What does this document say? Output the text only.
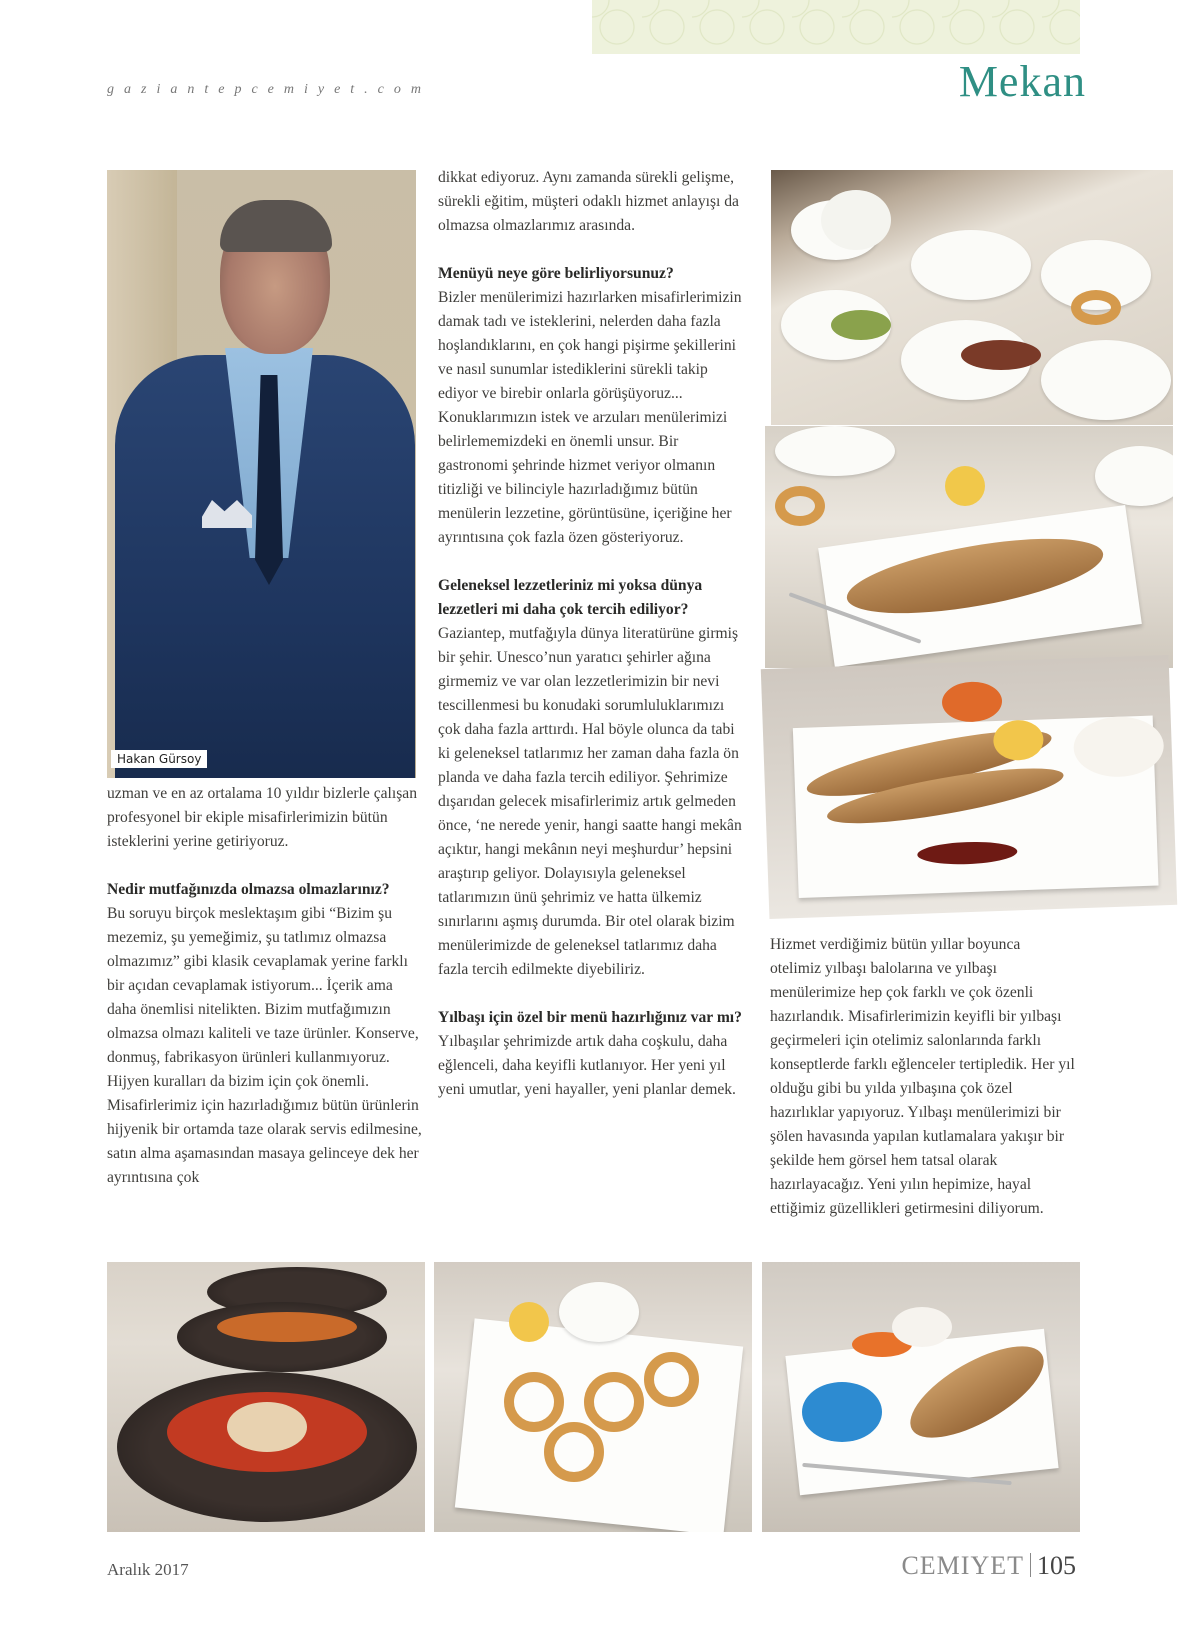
gaziantepcemiyet.com	Mekan
Hakan Gürsoy

uzman ve en az ortalama 10 yıldır bizlerle çalışan profesyonel bir ekiple misafirlerimizin bütün isteklerini yerine getiriyoruz.

Nedir mutfağınızda olmazsa olmazlarınız?

Bu soruyu birçok meslektaşım gibi “Bizim şu mezemiz, şu yemeğimiz, şu tatlımız olmazsa olmazımız” gibi klasik cevaplamak yerine farklı bir açıdan cevaplamak istiyorum... İçerik ama daha önemlisi nitelikten. Bizim mutfağımızın olmazsa olmazı kaliteli ve taze ürünler. Konserve, donmuş, fabrikasyon ürünleri kullanmıyoruz. Hijyen kuralları da bizim için çok önemli. Misafirlerimiz için hazırladığımız bütün ürünlerin hijyenik bir ortamda taze olarak servis edilmesine, satın alma aşamasından masaya gelinceye dek her ayrıntısına çok

dikkat ediyoruz. Aynı zamanda sürekli gelişme, sürekli eğitim, müşteri odaklı hizmet anlayışı da olmazsa olmazlarımız arasında.

Menüyü neye göre belirliyorsunuz?

Bizler menülerimizi hazırlarken misafirlerimizin damak tadı ve isteklerini, nelerden daha fazla hoşlandıklarını, en çok hangi pişirme şekillerini ve nasıl sunumlar istediklerini sürekli takip ediyor ve birebir onlarla görüşüyoruz... Konuklarımızın istek ve arzuları menülerimizi belirlememizdeki en önemli unsur. Bir gastronomi şehrinde hizmet veriyor olmanın titizliği ve bilinciyle hazırladığımız bütün menülerin lezzetine, görüntüsüne, içeriğine her ayrıntısına çok fazla özen gösteriyoruz.

Geleneksel lezzetleriniz mi yoksa dünya lezzetleri mi daha çok tercih ediliyor?

Gaziantep, mutfağıyla dünya literatürüne girmiş bir şehir. Unesco’nun yaratıcı şehirler ağına girmemiz ve var olan lezzetlerimizin bir nevi tescillenmesi bu konudaki sorumluluklarımızı çok daha fazla arttırdı. Hal böyle olunca da tabi ki geleneksel tatlarımız her zaman daha fazla ön planda ve daha fazla tercih ediliyor. Şehrimize dışarıdan gelecek misafirlerimiz artık gelmeden önce, ‘ne nerede yenir, hangi saatte hangi mekân açıktır, hangi mekânın neyi meşhurdur’ hepsini araştırıp geliyor. Dolayısıyla geleneksel tatlarımızın ünü şehrimiz ve hatta ülkemiz sınırlarını aşmış durumda. Bir otel olarak bizim menülerimizde de geleneksel tatlarımız daha fazla tercih edilmekte diyebiliriz.

Yılbaşı için özel bir menü hazırlığınız var mı?

Yılbaşılar şehrimizde artık daha coşkulu, daha eğlenceli, daha keyifli kutlanıyor. Her yeni yıl yeni umutlar, yeni hayaller, yeni planlar demek.

Hizmet verdiğimiz bütün yıllar boyunca otelimiz yılbaşı balolarına ve yılbaşı menülerimize hep çok farklı ve çok özenli hazırlandık. Misafirlerimizin keyifli bir yılbaşı geçirmeleri için otelimiz salonlarında farklı konseptlerde farklı eğlenceler tertipledik. Her yıl olduğu gibi bu yılda yılbaşına çok özel hazırlıklar yapıyoruz. Yılbaşı menülerimizi bir şölen havasında yapılan kutlamalara yakışır bir şekilde hem görsel hem tatsal olarak hazırlayacağız. Yeni yılın hepimize, hayal ettiğimiz güzellikleri getirmesini diliyorum.

Aralık 2017	CEMIYET 105
